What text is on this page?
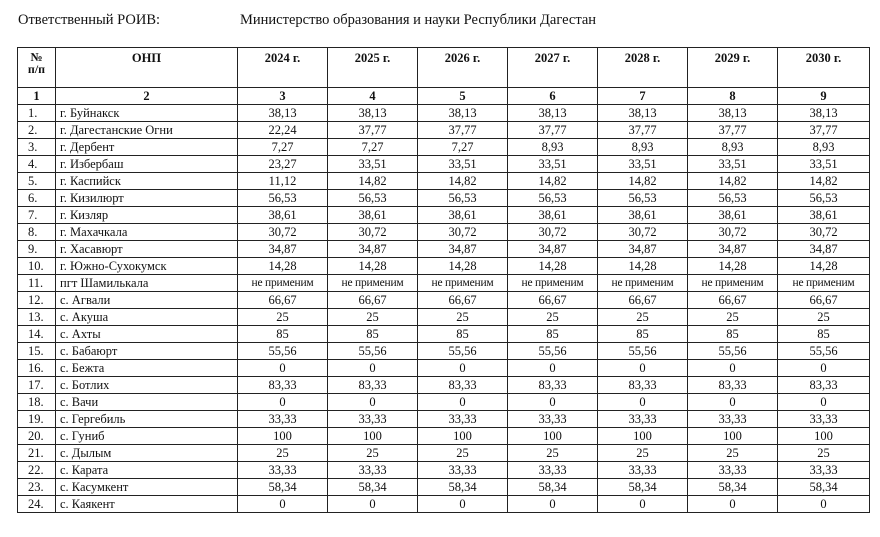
Ответственный РОИВ:	Министерство образования и науки Республики Дагестан
№
п/п	ОНП	2024 г.	2025 г.	2026 г.	2027 г.	2028 г.	2029 г.	2030 г.
1	2	3	4	5	6	7	8	9
1.	г. Буйнакск	38,13	38,13	38,13	38,13	38,13	38,13	38,13
2.	г. Дагестанские Огни	22,24	37,77	37,77	37,77	37,77	37,77	37,77
3.	г. Дербент	7,27	7,27	7,27	8,93	8,93	8,93	8,93
4.	г. Избербаш	23,27	33,51	33,51	33,51	33,51	33,51	33,51
5.	г. Каспийск	11,12	14,82	14,82	14,82	14,82	14,82	14,82
6.	г. Кизилюрт	56,53	56,53	56,53	56,53	56,53	56,53	56,53
7.	г. Кизляр	38,61	38,61	38,61	38,61	38,61	38,61	38,61
8.	г. Махачкала	30,72	30,72	30,72	30,72	30,72	30,72	30,72
9.	г. Хасавюрт	34,87	34,87	34,87	34,87	34,87	34,87	34,87
10.	г. Южно-Сухокумск	14,28	14,28	14,28	14,28	14,28	14,28	14,28
11.	пгт Шамилькала	не применим	не применим	не применим	не применим	не применим	не применим	не применим
12.	с. Агвали	66,67	66,67	66,67	66,67	66,67	66,67	66,67
13.	с. Акуша	25	25	25	25	25	25	25
14.	с. Ахты	85	85	85	85	85	85	85
15.	с. Бабаюрт	55,56	55,56	55,56	55,56	55,56	55,56	55,56
16.	с. Бежта	0	0	0	0	0	0	0
17.	с. Ботлих	83,33	83,33	83,33	83,33	83,33	83,33	83,33
18.	с. Вачи	0	0	0	0	0	0	0
19.	с. Гергебиль	33,33	33,33	33,33	33,33	33,33	33,33	33,33
20.	с. Гуниб	100	100	100	100	100	100	100
21.	с. Дылым	25	25	25	25	25	25	25
22.	с. Карата	33,33	33,33	33,33	33,33	33,33	33,33	33,33
23.	с. Касумкент	58,34	58,34	58,34	58,34	58,34	58,34	58,34
24.	с. Каякент	0	0	0	0	0	0	0
